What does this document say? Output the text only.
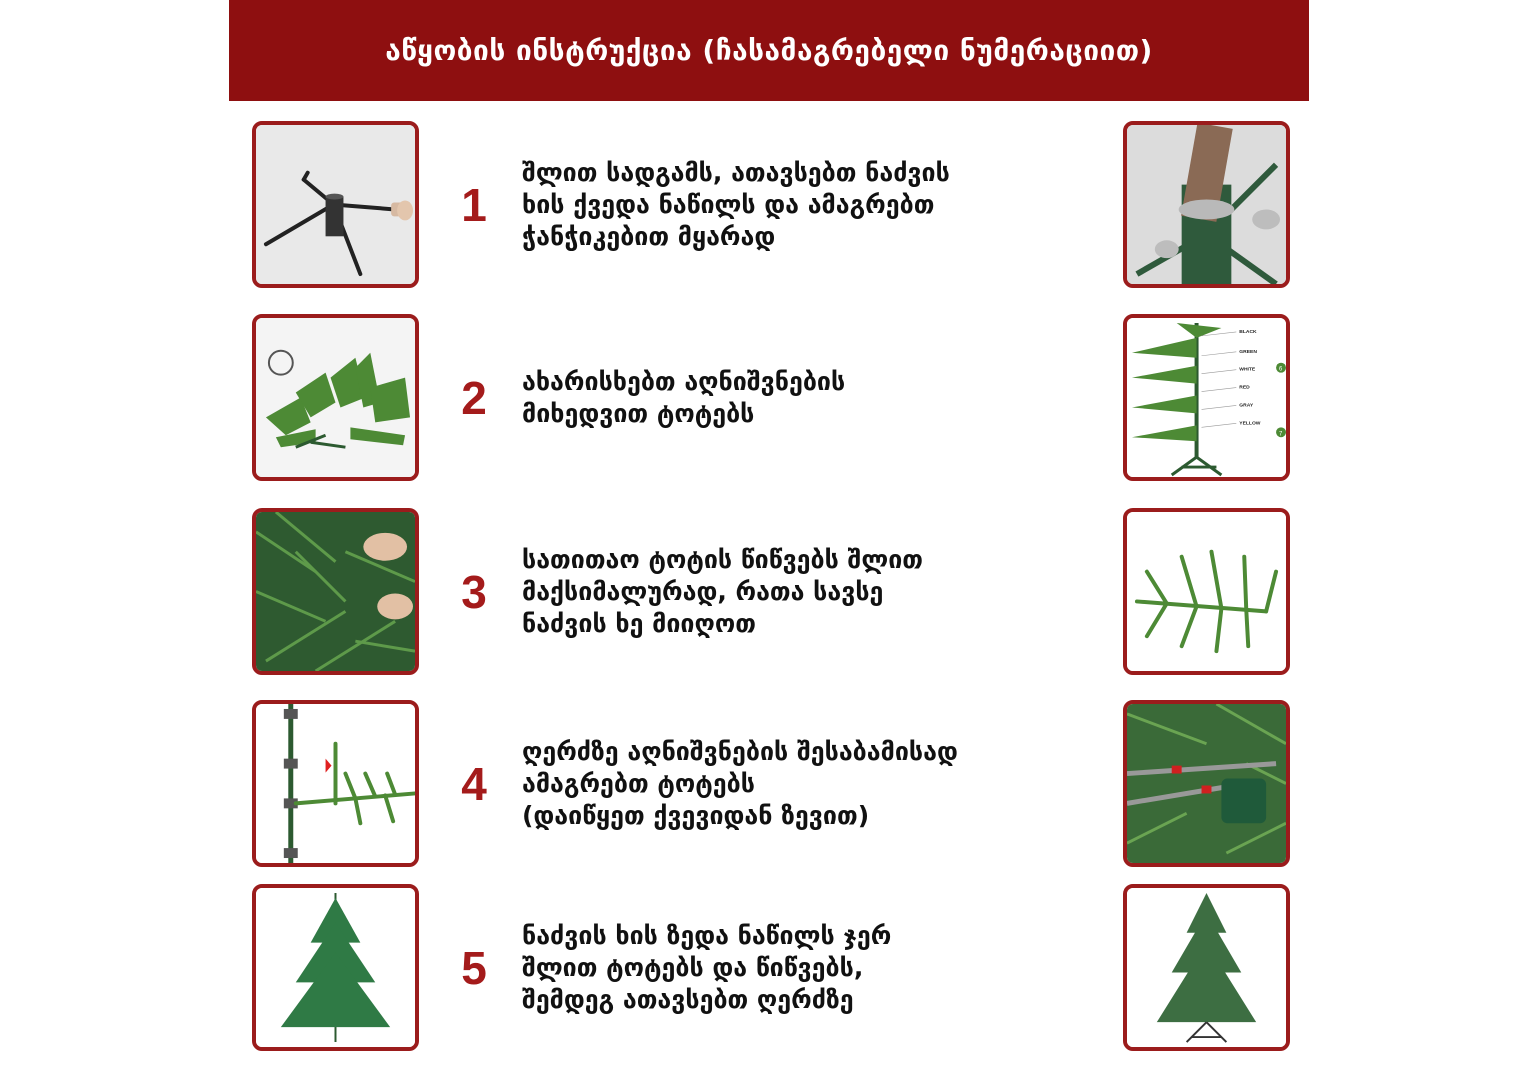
აწყობის ინსტრუქცია (ჩასამაგრებელი ნუმერაციით)
1
შლით სადგამს, ათავსებთ ნაძვის
ხის ქვედა ნაწილს და ამაგრებთ
ჭანჭიკებით მყარად
2	ახარისხებთ აღნიშვნების
მიხედვით ტოტებს
BLACK
GREEN
WHITE
RED
GRAY
YELLOW
6
7
3
სათითაო ტოტის წიწვებს შლით
მაქსიმალურად, რათა სავსე
ნაძვის ხე მიიღოთ
4
ღერძზე აღნიშვნების შესაბამისად
ამაგრებთ ტოტებს
(დაიწყეთ ქვევიდან ზევით)
5
ნაძვის ხის ზედა ნაწილს ჯერ
შლით ტოტებს და წიწვებს,
შემდეგ ათავსებთ ღერძზე
